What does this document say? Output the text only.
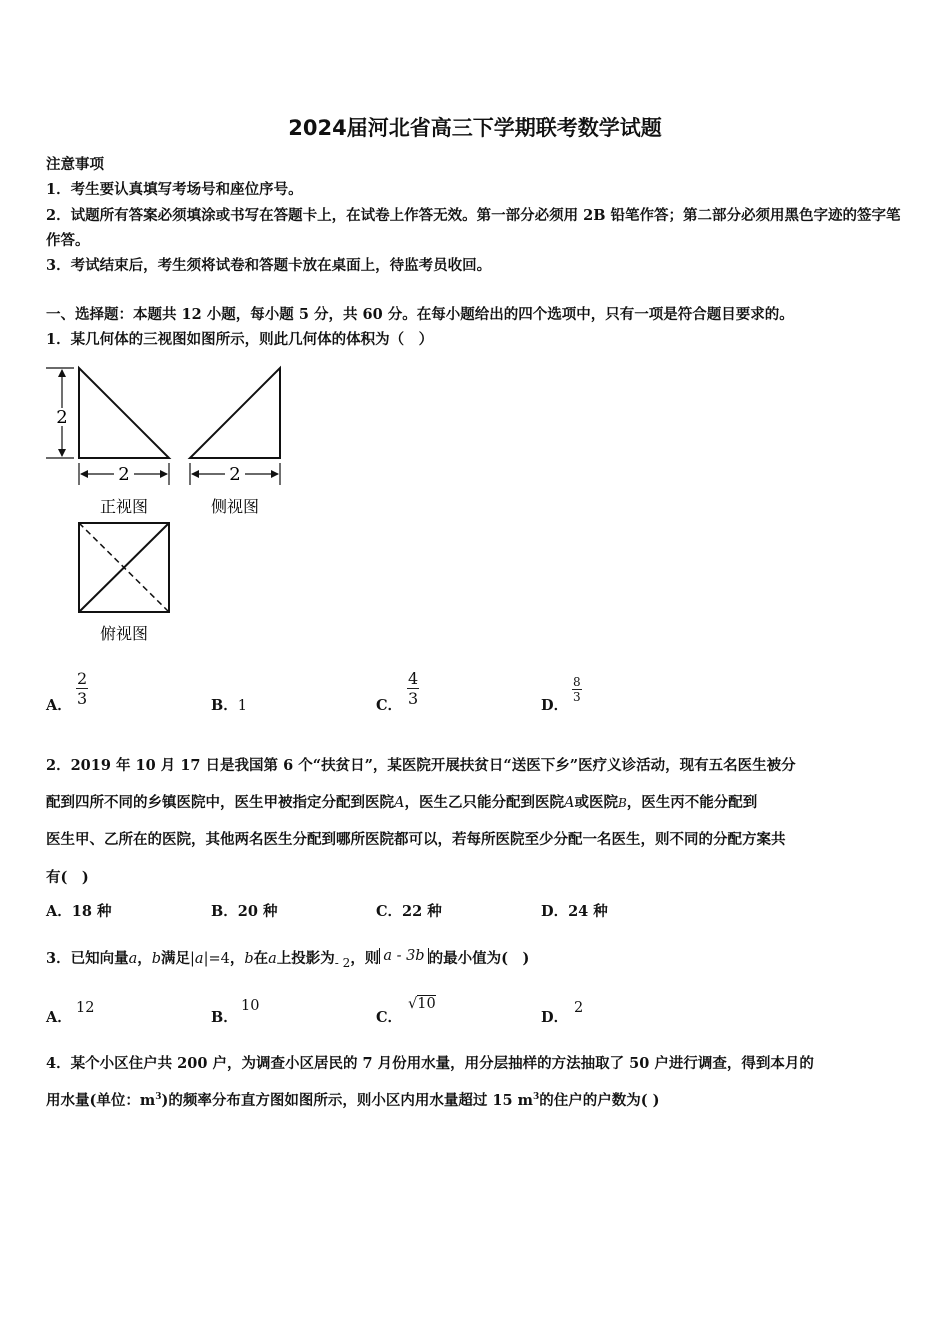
2024届河北省高三下学期联考数学试题
注意事项
1．考生要认真填写考场号和座位序号。
2．试题所有答案必须填涂或书写在答题卡上，在试卷上作答无效。第一部分必须用 2B 铅笔作答；第二部分必须用黑色字迹的签字笔作答。
3．考试结束后，考生须将试卷和答题卡放在桌面上，待监考员收回。
一、选择题：本题共 12 小题，每小题 5 分，共 60 分。在每小题给出的四个选项中，只有一项是符合题目要求的。
1．某几何体的三视图如图所示，则此几何体的体积为（　）
2
2	2
正视图	侧视图
俯视图
A． $\frac{2}{3}$	B．1	C． $\frac{4}{3}$	D．
$\frac{8}{3}$
2．2019 年 10 月 17 日是我国第 6 个“扶贫日”，某医院开展扶贫日“送医下乡”医疗义诊活动，现有五名医生被分
配到四所不同的乡镇医院中，医生甲被指定分配到医院A，医生乙只能分配到医院A或医院B，医生丙不能分配到
医生甲、乙所在的医院，其他两名医生分配到哪所医院都可以，若每所医院至少分配一名医生，则不同的分配方案共
有(　)
A．18 种	B．20 种	C．22 种	D．24 种
3．已知向量a，b满足|a|=4，b在a上投影为$_{- 2}$，则 a - 3b 的最小值为(　)
A．
12
B．
10
C．
√10
D．
2
4．某个小区住户共 200 户，为调查小区居民的 7 月份用水量，用分层抽样的方法抽取了 50 户进行调查，得到本月的
用水量(单位：$m^3$)的频率分布直方图如图所示，则小区内用水量超过 15 $m^3$的住户的户数为( )
